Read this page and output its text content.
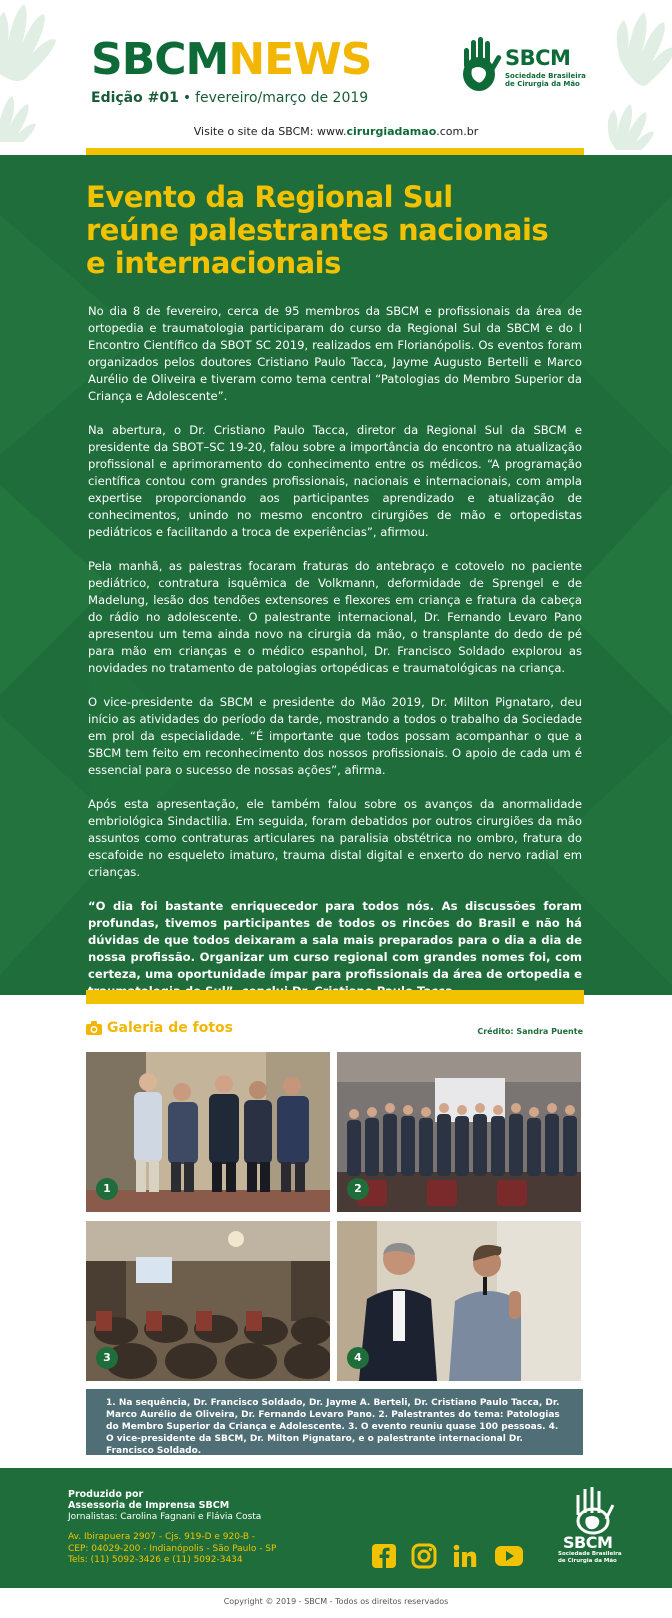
SBCMNEWS
Edição #01 • fevereiro/março de 2019
SBCM
Sociedade Brasileira
de Cirurgia da Mão
Visite o site da SBCM: www.cirurgiadamao.com.br
Evento da Regional Sul
reúne palestrantes nacionais
e internacionais

No dia 8 de fevereiro, cerca de 95 membros da SBCM e profissionais da área de ortopedia e traumatologia participaram do curso da Regional Sul da SBCM e do I Encontro Científico da SBOT SC 2019, realizados em Florianópolis. Os eventos foram organizados pelos doutores Cristiano Paulo Tacca, Jayme Augusto Bertelli e Marco Aurélio de Oliveira e tiveram como tema central “Patologias do Membro Superior da Criança e Adolescente”.

Na abertura, o Dr. Cristiano Paulo Tacca, diretor da Regional Sul da SBCM e presidente da SBOT–SC 19-20, falou sobre a importância do encontro na atualização profissional e aprimoramento do conhecimento entre os médicos. “A programação científica contou com grandes profissionais, nacionais e internacionais, com ampla expertise proporcionando aos participantes aprendizado e atualização de conhecimentos, unindo no mesmo encontro cirurgiões de mão e ortopedistas pediátricos e facilitando a troca de experiências”, afirmou.

Pela manhã, as palestras focaram fraturas do antebraço e cotovelo no paciente pediátrico, contratura isquêmica de Volkmann, deformidade de Sprengel e de Madelung, lesão dos tendões extensores e flexores em criança e fratura da cabeça do rádio no adolescente. O palestrante internacional, Dr. Fernando Levaro Pano apresentou um tema ainda novo na cirurgia da mão, o transplante do dedo de pé para mão em crianças e o médico espanhol, Dr. Francisco Soldado explorou as novidades no tratamento de patologias ortopédicas e traumatológicas na criança.

O vice-presidente da SBCM e presidente do Mão 2019, Dr. Milton Pignataro, deu início as atividades do período da tarde, mostrando a todos o trabalho da Sociedade em prol da especialidade. “É importante que todos possam acompanhar o que a SBCM tem feito em reconhecimento dos nossos profissionais. O apoio de cada um é essencial para o sucesso de nossas ações”, afirma.

Após esta apresentação, ele também falou sobre os avanços da anormalidade embriológica Sindactilia. Em seguida, foram debatidos por outros cirurgiões da mão assuntos como contraturas articulares na paralisia obstétrica no ombro, fratura do escafoide no esqueleto imaturo, trauma distal digital e enxerto do nervo radial em crianças.

“O dia foi bastante enriquecedor para todos nós. As discussões foram profundas, tivemos participantes de todos os rincões do Brasil e não há dúvidas de que todos deixaram a sala mais preparados para o dia a dia de nossa profissão. Organizar um curso regional com grandes nomes foi, com certeza, uma oportunidade ímpar para profissionais da área de ortopedia e

Galeria de fotos	Crédito: Sandra Puente
1	2
3	4
1. Na sequência, Dr. Francisco Soldado, Dr. Jayme A. Berteli, Dr. Cristiano Paulo Tacca, Dr. Marco Aurélio de Oliveira, Dr. Fernando Levaro Pano. 2. Palestrantes do tema: Patologias do Membro Superior da Criança e Adolescente. 3. O evento reuniu quase 100 pessoas. 4. O vice-presidente da SBCM, Dr. Milton Pignataro, e o palestrante internacional Dr. Francisco Soldado.
Produzido por
Assessoria de Imprensa SBCM
Jornalistas: Carolina Fagnani e Flávia Costa
Av. Ibirapuera 2907 - Cjs. 919-D e 920-B -
CEP: 04029-200 - Indianópolis - São Paulo - SP
Tels: (11) 5092-3426 e (11) 5092-3434
SBCM
Sociedade Brasileira
de Cirurgia da Mão
Copyright © 2019 - SBCM - Todos os direitos reservados
